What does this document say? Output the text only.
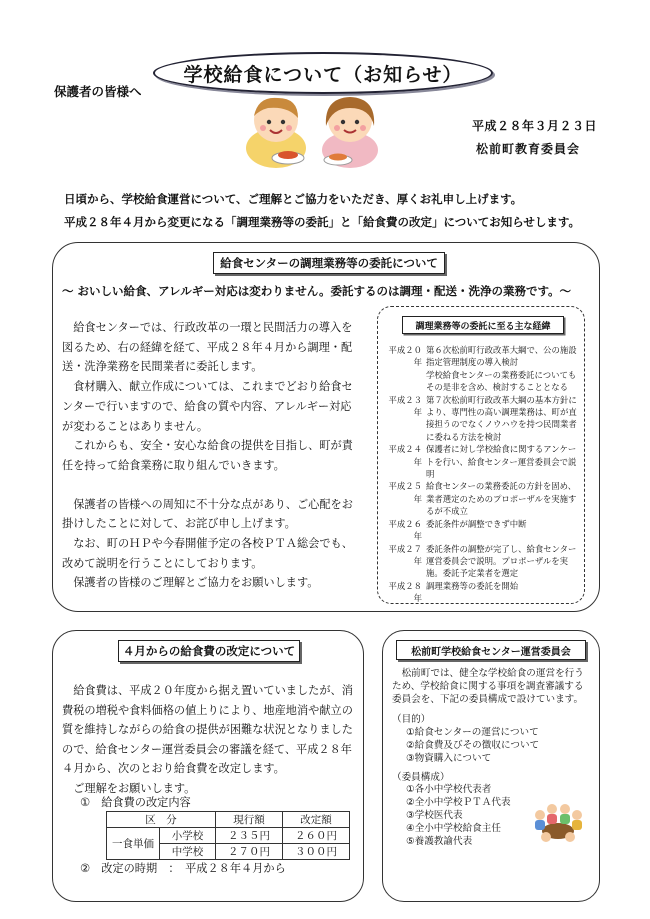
学校給食について（お知らせ）
保護者の皆様へ
平成２８年３月２３日
松前町教育委員会
日頃から、学校給食運営について、ご理解とご協力をいただき、厚くお礼申し上げます。
平成２８年４月から変更になる「調理業務等の委託」と「給食費の改定」についてお知らせします。
給食センターの調理業務等の委託について
～ おいしい給食、アレルギー対応は変わりません。委託するのは調理・配送・洗浄の業務です。～

給食センターでは、行政改革の一環と民間活力の導入を図るため、右の経緯を経て、平成２８年４月から調理・配送・洗浄業務を民間業者に委託します。

食材購入、献立作成については、これまでどおり給食センターで行いますので、給食の質や内容、アレルギー対応が変わることはありません。

これからも、安全・安心な給食の提供を目指し、町が責任を持って給食業務に取り組んでいきます。

保護者の皆様への周知に不十分な点があり、ご心配をお掛けしたことに対して、お詫び申し上げます。

なお、町のＨＰや今春開催予定の各校ＰＴＡ総会でも、改めて説明を行うことにしております。

保護者の皆様のご理解とご協力をお願いします。

調理業務等の委託に至る主な経緯
平成２０年
第６次松前町行政改革大綱で、公の施設指定管理制度の導入検討
学校給食センターの業務委託についてもその是非を含め、検討することとなる
平成２３年
第７次松前町行政改革大綱の基本方針により、専門性の高い調理業務は、町が直接担うのでなくノウハウを持つ民間業者に委ねる方法を検討
平成２４年
保護者に対し学校給食に関するアンケートを行い、給食センター運営委員会で説明
平成２５年
給食センターの業務委託の方針を固め、業者選定のためのプロポーザルを実施するが不成立
平成２６年
委託条件が調整できず中断
平成２７年
委託条件の調整が完了し、給食センター運営委員会で説明。プロポーザルを実施。委託予定業者を選定
平成２８年
調理業務等の委託を開始
４月からの給食費の改定について

給食費は、平成２０年度から据え置いていましたが、消費税の増税や食料価格の値上りにより、地産地消や献立の質を維持しながらの給食の提供が困難な状況となりましたので、給食センター運営委員会の審議を経て、平成２８年４月から、次のとおり給食費を改定します。

ご理解をお願いします。

①　給食費の改定内容
区　分		現行額	改定額
一食単価	小学校	２３５円	２６０円
	中学校	２７０円	３００円
②　改定の時期　：　平成２８年４月から
松前町学校給食センター運営委員会

松前町では、健全な学校給食の運営を行うため、学校給食に関する事項を調査審議する委員会を、下記の委員構成で設けています。

（目的）

①給食センターの運営について

②給食費及びその徴収について

③物資購入について

（委員構成）

①各小中学校代表者

②全小中学校ＰＴＡ代表

③学校医代表

④全小中学校給食主任

⑤養護教諭代表
